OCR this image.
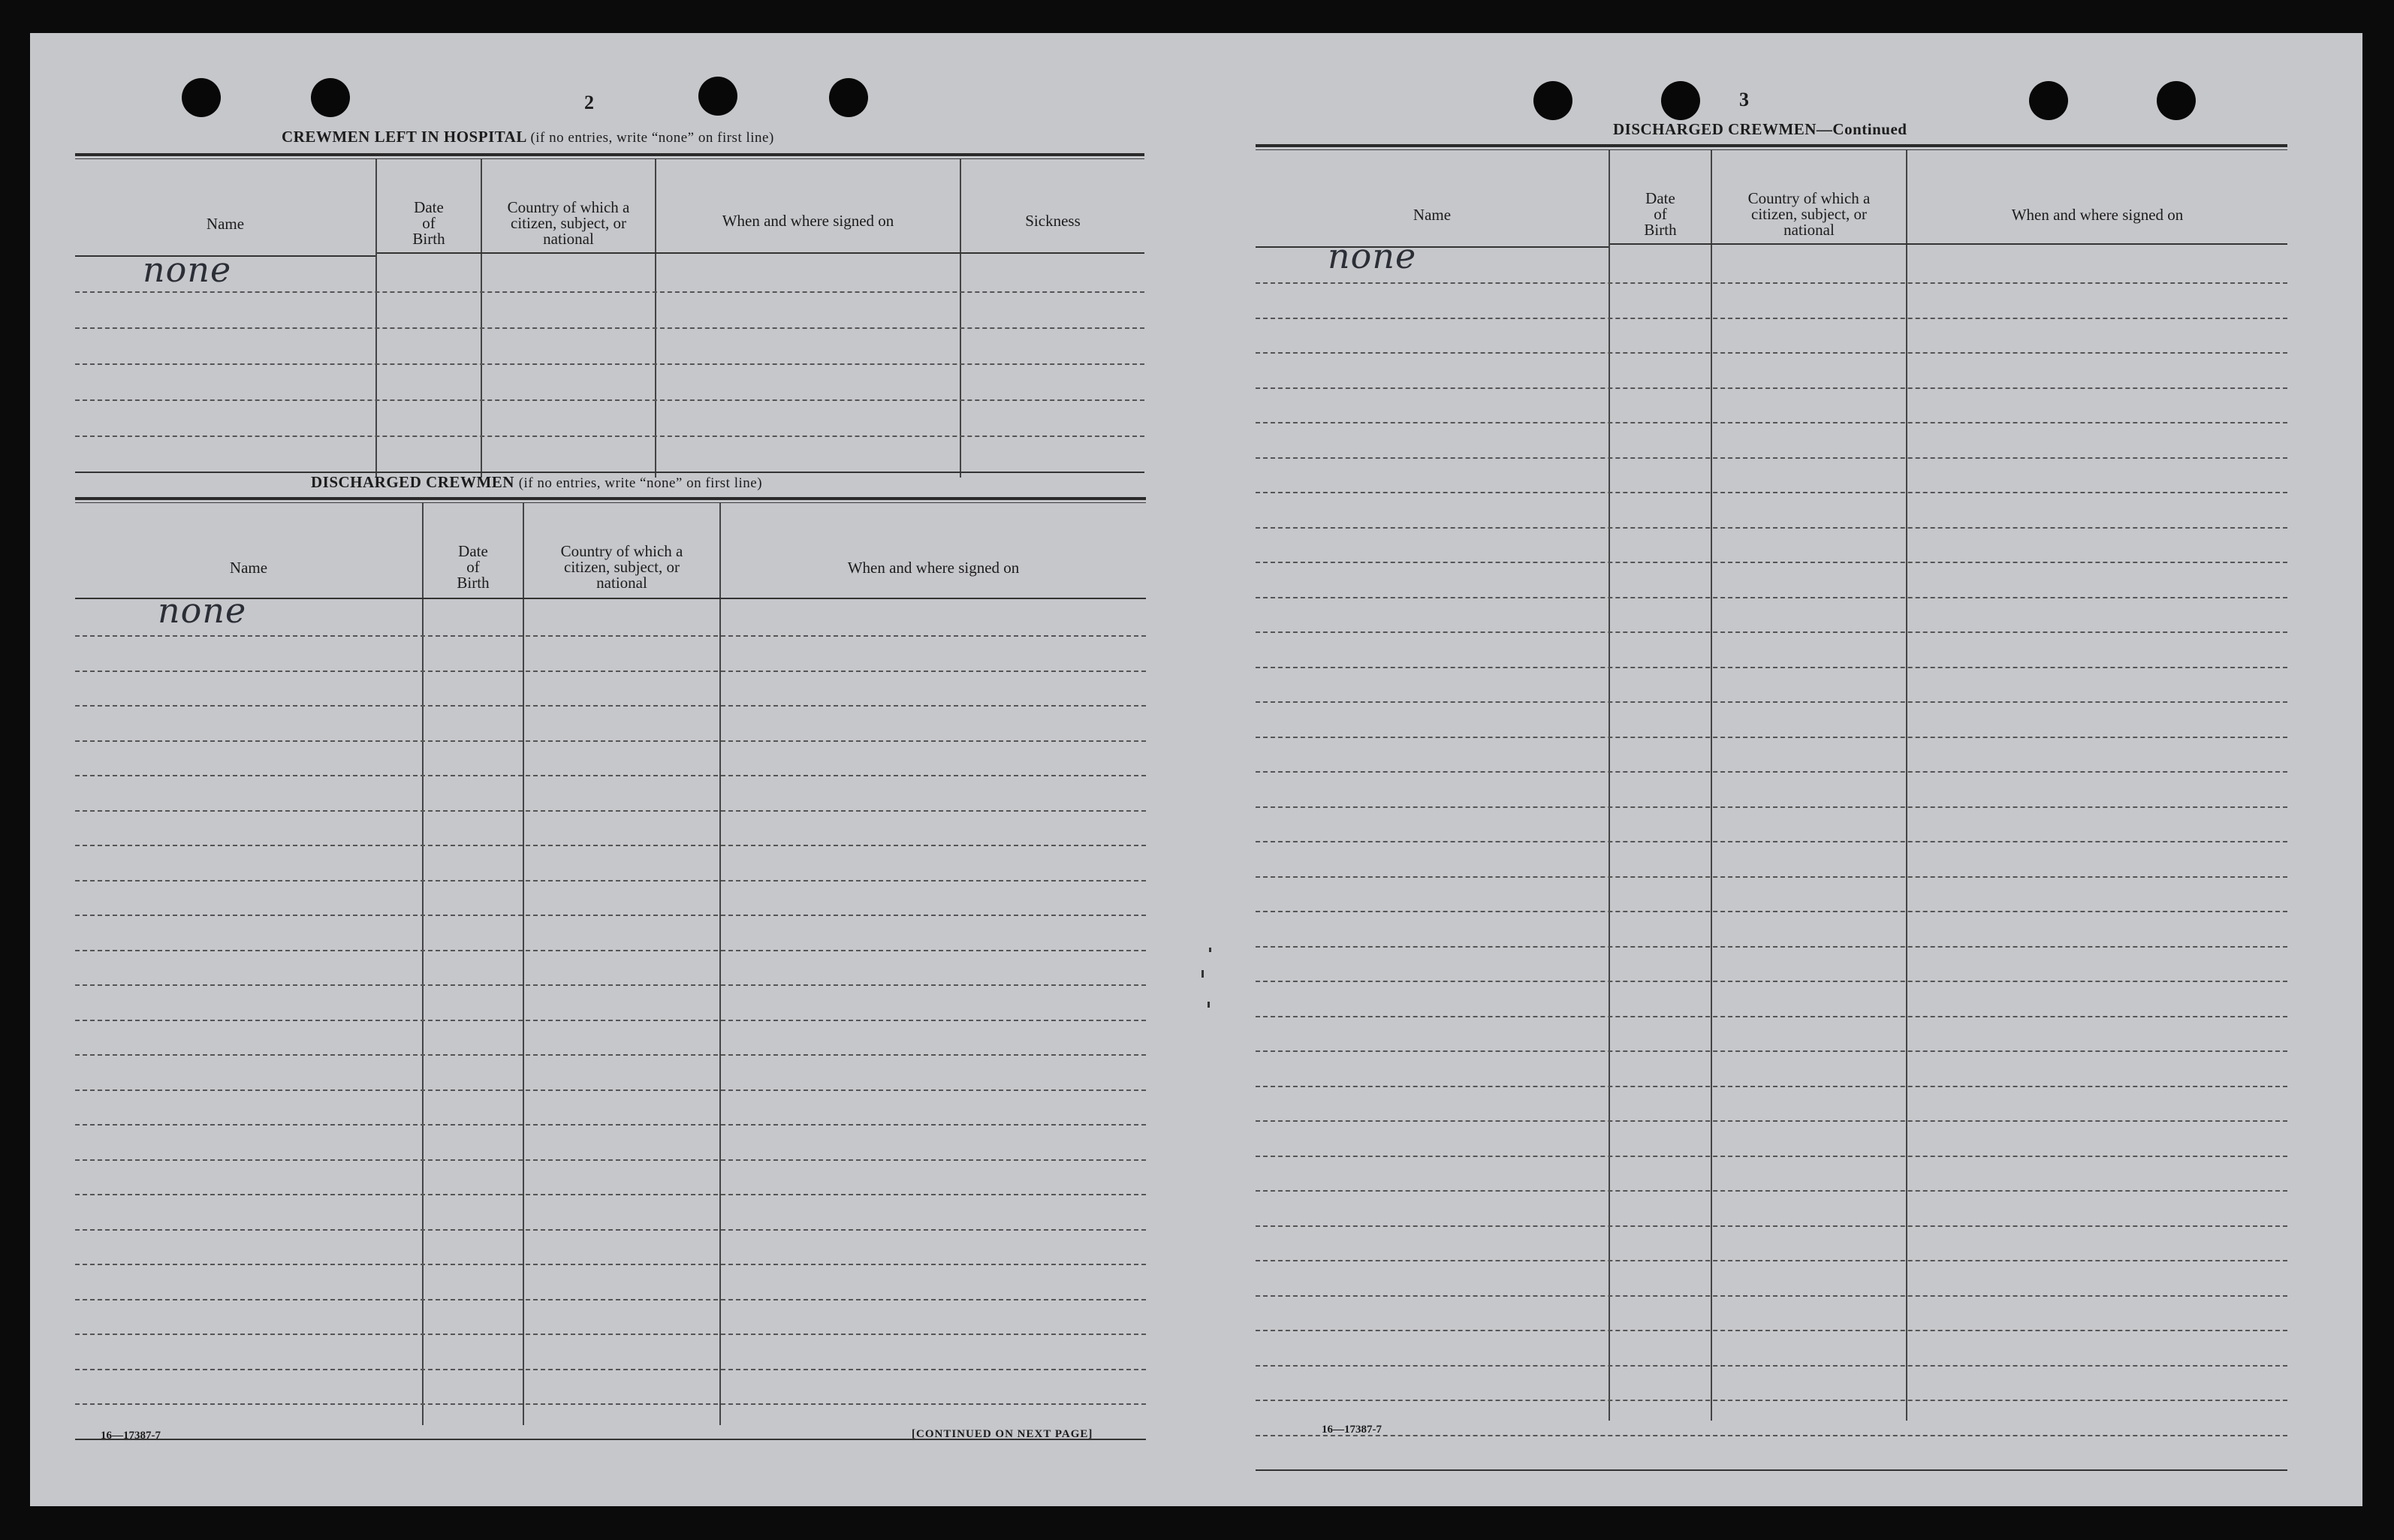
2
CREWMEN LEFT IN HOSPITAL (if no entries, write “none” on first line)
Name
Date
of
Birth
Country of which a
citizen, subject, or
national
When and where signed on	Sickness
none
DISCHARGED CREWMEN (if no entries, write “none” on first line)
Name
Date
of
Birth
Country of which a
citizen, subject, or
national
When and where signed on
none
16—17387-7	[CONTINUED ON NEXT PAGE]
3
DISCHARGED CREWMEN—Continued
Name
Date
of
Birth
Country of which a
citizen, subject, or
national
When and where signed on
none
16—17387-7
